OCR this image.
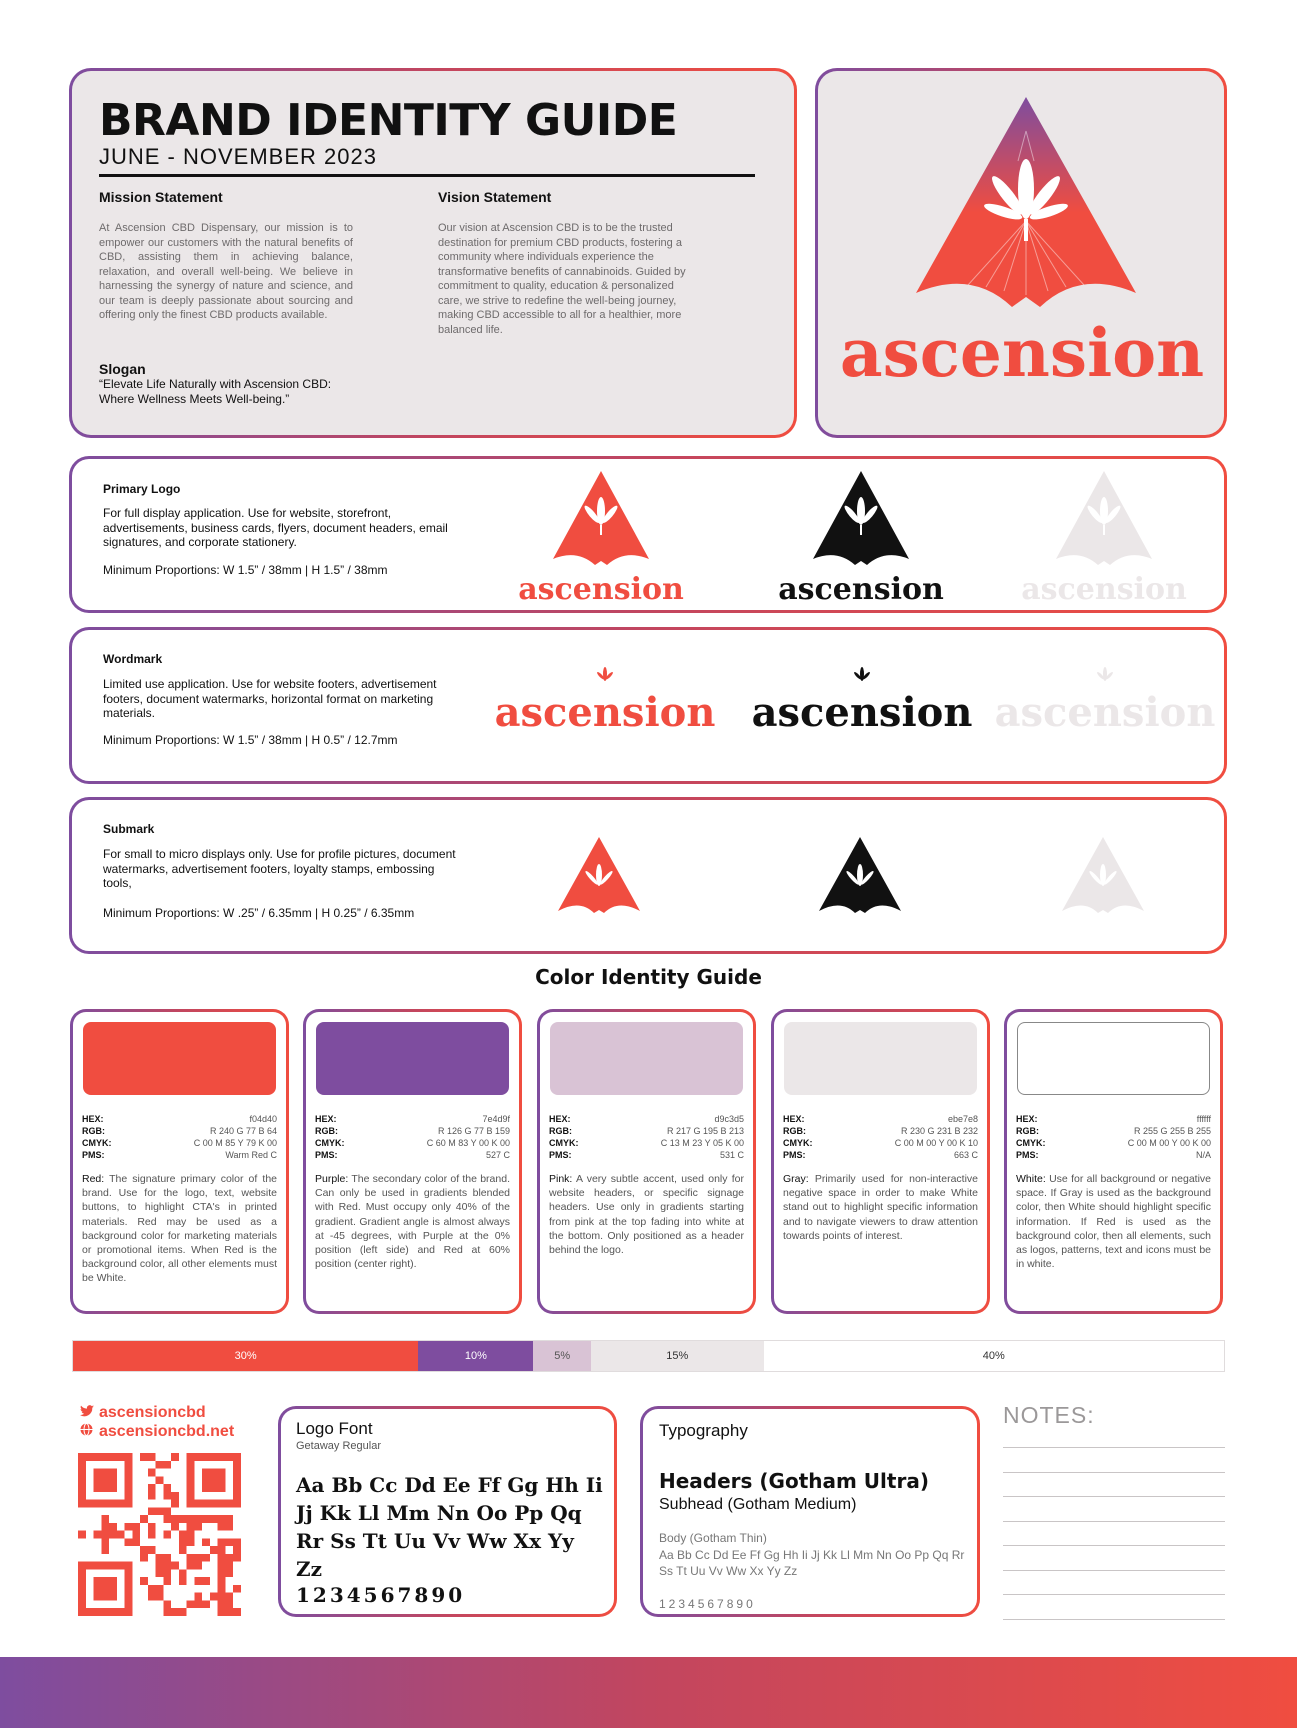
BRAND IDENTITY GUIDE
JUNE - NOVEMBER 2023
Mission Statement
At Ascension CBD Dispensary, our mission is to empower our customers with the natural benefits of CBD, assisting them in achieving balance, relaxation, and overall well-being. We believe in harnessing the synergy of nature and science, and our team is deeply passionate about sourcing and offering only the finest CBD products available.
Vision Statement
Our vision at Ascension CBD is to be the trusted destination for premium CBD products, fostering a community where individuals experience the transformative benefits of cannabinoids. Guided by commitment to quality, education & personalized care, we strive to redefine the well-being journey, making CBD accessible to all for a healthier, more balanced life.
Slogan
“Elevate Life Naturally with Ascension CBD: Where Wellness Meets Well-being.”
ascension
Primary Logo
For full display application. Use for website, storefront, advertisements, business cards, flyers, document headers, email signatures, and corporate stationery.
Minimum Proportions: W 1.5” / 38mm | H 1.5” / 38mm
ascension	ascension	ascension
Wordmark
Limited use application. Use for website footers, advertisement footers, document watermarks, horizontal format on marketing materials.
Minimum Proportions: W 1.5” / 38mm | H 0.5” / 12.7mm
ascension ascension ascension
Submark
For small to micro displays only. Use for profile pictures, document watermarks, advertisement footers, loyalty stamps, embossing tools,
Minimum Proportions: W .25” / 6.35mm | H 0.25” / 6.35mm
Color Identity Guide
HEX:	f04d40
RGB:	R 240 G 77 B 64
CMYK:	C 00 M 85 Y 79 K 00
PMS:	Warm Red C
Red: The signature primary color of the brand. Use for the logo, text, website buttons, to highlight CTA's in printed materials. Red may be used as a background color for marketing materials or promotional items. When Red is the background color, all other elements must be White.
HEX:	7e4d9f
RGB:	R 126 G 77 B 159
CMYK:	C 60 M 83 Y 00 K 00
PMS:	527 C
Purple: The secondary color of the brand. Can only be used in gradients blended with Red. Must occupy only 40% of the gradient. Gradient angle is almost always at -45 degrees, with Purple at the 0% position (left side) and Red at 60% position (center right).
HEX:	d9c3d5
RGB:	R 217 G 195 B 213
CMYK:	C 13 M 23 Y 05 K 00
PMS:	531 C
Pink: A very subtle accent, used only for website headers, or specific signage headers. Use only in gradients starting from pink at the top fading into white at the bottom. Only positioned as a header behind the logo.
HEX:	ebe7e8
RGB:	R 230 G 231 B 232
CMYK:	C 00 M 00 Y 00 K 10
PMS:	663 C
Gray: Primarily used for non-interactive negative space in order to make White stand out to highlight specific information and to navigate viewers to draw attention towards points of interest.
HEX:	ffffff
RGB:	R 255 G 255 B 255
CMYK:	C 00 M 00 Y 00 K 00
PMS:	N/A
White: Use for all background or negative space. If Gray is used as the background color, then White should highlight specific information. If Red is used as the background color, then all elements, such as logos, patterns, text and icons must be in white.
30%	10%	5%	15%	40%
ascensioncbd
ascensioncbd.net	Logo Font
Getaway Regular
Aa Bb Cc Dd Ee Ff Gg Hh Ii Jj Kk Ll Mm Nn Oo Pp Qq Rr Ss Tt Uu Vv Ww Xx Yy Zz
1234567890
Typography
Headers (Gotham Ultra)
Subhead (Gotham Medium)
Body (Gotham Thin)
Aa Bb Cc Dd Ee Ff Gg Hh Ii Jj Kk Ll Mm Nn Oo Pp Qq Rr Ss Tt Uu Vv Ww Xx Yy Zz
1234567890
NOTES:
